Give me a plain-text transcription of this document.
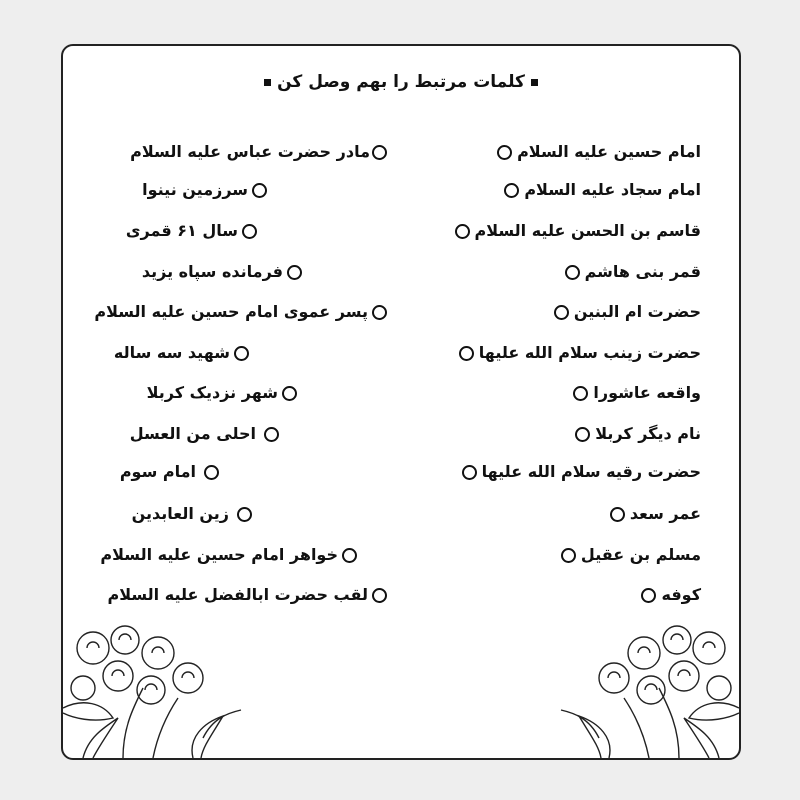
کلمات مرتبط را بهم وصل کن
امام حسین علیه السلام
امام سجاد علیه السلام
قاسم بن الحسن علیه السلام
قمر بنی هاشم
حضرت ام البنین
حضرت زینب سلام الله علیها
واقعه عاشورا
نام دیگر کربلا
حضرت رقیه سلام الله علیها
عمر سعد
مسلم بن عقیل
کوفه
مادر حضرت عباس علیه السلام
سرزمین نینوا
سال ۶۱ قمری
فرمانده سپاه یزید
پسر عموی امام حسین علیه السلام
شهید سه ساله
شهر نزدیک کربلا
احلی من العسل
امام سوم
زین العابدین
خواهر امام حسین علیه السلام
لقب حضرت ابالفضل علیه السلام
